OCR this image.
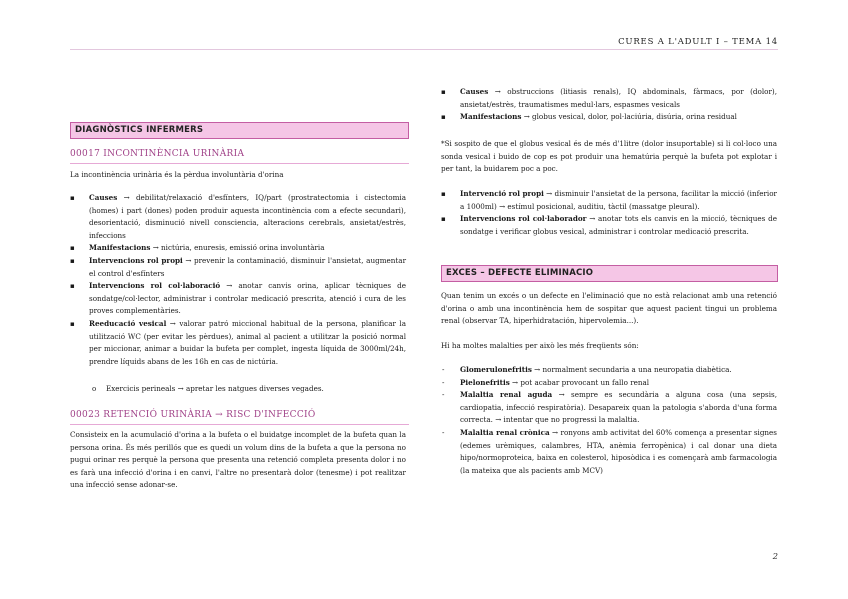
CURES A L'ADULT I – TEMA 14
DIAGNÒSTICS INFERMERS
00017 INCONTINÈNCIA URINÀRIA
La incontinència urinària és la pèrdua involuntària d'orina
▪ Causes → debilitat/relaxació d'esfínters, IQ/part (prostratectomia i cistectomia (homes) i part (dones) poden produir aquesta incontinència com a efecte secundari), desorientació, disminució nivell consciencia, alteracions cerebrals, ansietat/estrès, infeccions
▪ Manifestacions → nictúria, enuresis, emissió orina involuntària
▪ Intervencions rol propi → prevenir la contaminació, disminuir l'ansietat, augmentar el control d'esfínters
▪ Intervencions rol col·laboració → anotar canvis orina, aplicar tècniques de sondatge/col·lector, administrar i controlar medicació prescrita, atenció i cura de les proves complementàries.
▪ Reeducació vesical → valorar patró miccional habitual de la persona, planificar la utilització WC (per evitar les pèrdues), animal al pacient a utilitzar la posició normal per miccionar, animar a buidar la bufeta per complet, ingesta líquida de 3000ml/24h, prendre líquids abans de les 16h en cas de nictúria.
o Exercicis perineals → apretar les natgues diverses vegades.
00023 RETENCIÓ URINÀRIA → RISC D'INFECCIÓ
Consisteix en la acumulació d'orina a la bufeta o el buidatge incomplet de la bufeta quan la persona orina. És més perillós que es quedi un volum dins de la bufeta a que la persona no pugui orinar res perquè la persona que presenta una retenció completa presenta dolor i no es farà una infecció d'orina i en canvi, l'altre no presentarà dolor (tenesme) i pot realitzar una infecció sense adonar-se.
▪ Causes → obstruccions (litiasis renals), IQ abdominals, fàrmacs, por (dolor), ansietat/estrès, traumatismes medul·lars, espasmes vesicals
▪ Manifestacions → globus vesical, dolor, pol·laciúria, disúria, orina residual
*Si sospito de que el globus vesical és de més d'1litre (dolor insuportable) si li col·loco una sonda vesical i buido de cop es pot produir una hematúria perquè la bufeta pot explotar i per tant, la buidarem poc a poc.
▪ Intervenció rol propi → disminuir l'ansietat de la persona, facilitar la micció (inferior a 1000ml) → estímul posicional, auditiu, tàctil (massatge pleural).
▪ Intervencions rol col·laborador → anotar tots els canvis en la micció, tècniques de sondatge i verificar globus vesical, administrar i controlar medicació prescrita.
EXCES – DEFECTE ELIMINACIO
Quan tenim un excés o un defecte en l'eliminació que no està relacionat amb una retenció d'orina o amb una incontinència hem de sospitar que aquest pacient tingui un problema renal (observar TA, hiperhidratación, hipervolemia...).
Hi ha moltes malalties per això les més freqüents són:
- Glomerulonefritis → normalment secundaria a una neuropatia diabètica.
- Pielonefritis → pot acabar provocant un fallo renal
- Malaltia renal aguda → sempre es secundària a alguna cosa (una sepsis, cardiopatia, infecció respiratòria). Desapareix quan la patologia s'aborda d'una forma correcta. → intentar que no progressi la malaltia.
- Malaltia renal crònica → ronyons amb activitat del 60% comença a presentar signes (edemes urèmiques, calambres, HTA, anèmia ferropènica) i cal donar una dieta hipo/normoproteica, baixa en colesterol, hiposòdica i es començarà amb farmacologia (la mateixa que als pacients amb MCV)
2
